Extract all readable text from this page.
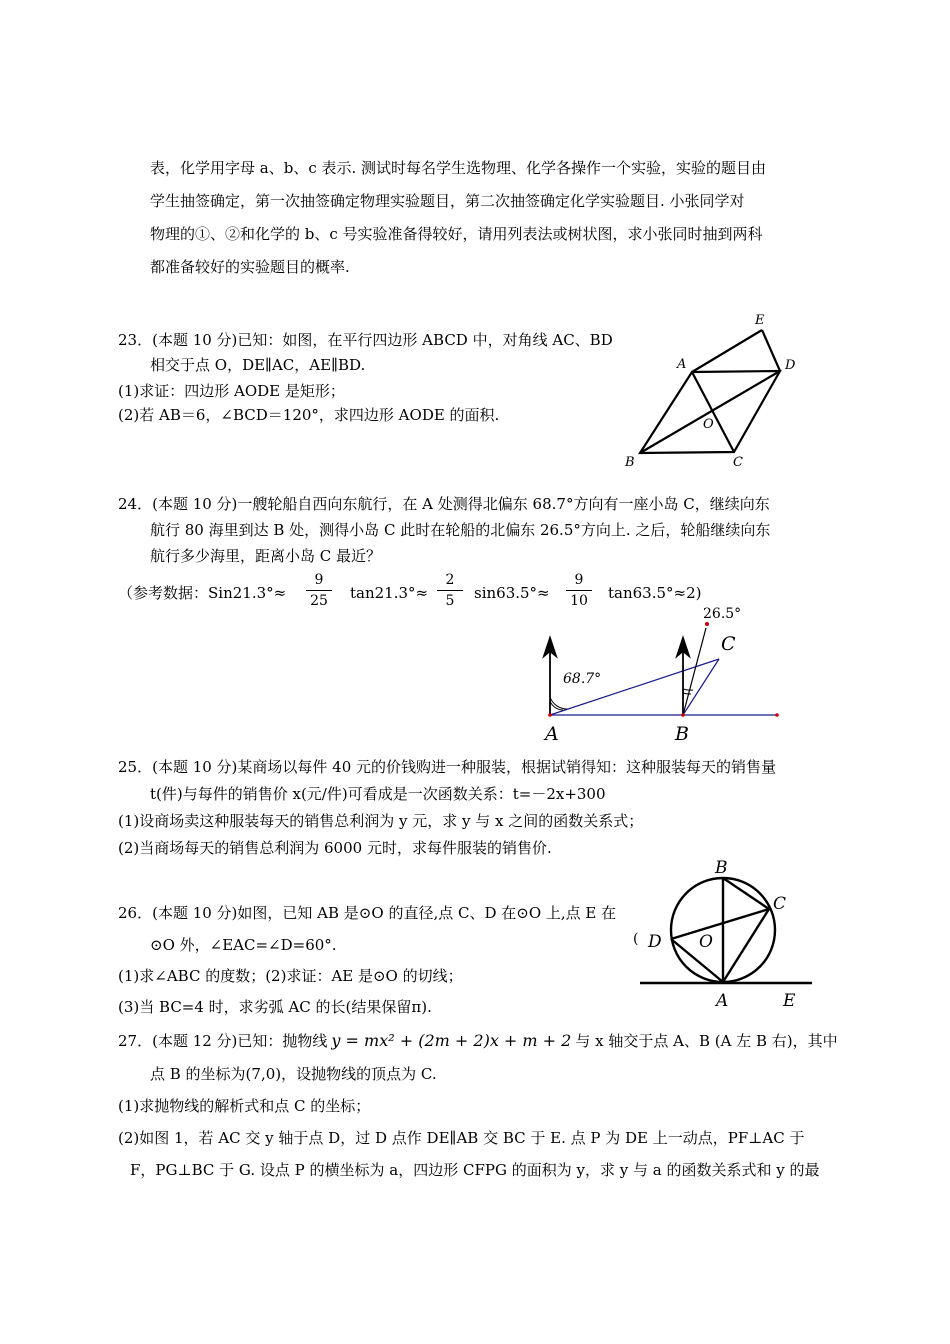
表，化学用字母 a、b、c 表示. 测试时每名学生选物理、化学各操作一个实验，实验的题目由
学生抽签确定，第一次抽签确定物理实验题目，第二次抽签确定化学实验题目. 小张同学对
物理的①、②和化学的 b、c 号实验准备得较好，请用列表法或树状图，求小张同时抽到两科
都准备较好的实验题目的概率.
23．(本题 10 分)已知：如图，在平行四边形 ABCD 中，对角线 AC、BD
相交于点 O，DE∥AC，AE∥BD.
(1)求证：四边形 AODE 是矩形；
(2)若 AB＝6，∠BCD＝120°，求四边形 AODE 的面积.
E
A	D
O
B	C
24．(本题 10 分)一艘轮船自西向东航行，在 A 处测得北偏东 68.7°方向有一座小岛 C，继续向东
航行 80 海里到达 B 处，测得小岛 C 此时在轮船的北偏东 26.5°方向上. 之后，轮船继续向东
航行多少海里，距离小岛 C 最近？
（参考数据：$Sin21.3^\circ\approx \frac{9}{25} \tan 21.3^\circ\approx \frac{2}{5} \sin 63.5^\circ\approx \frac{9}{10} \tan 63.5^\circ\approx 2$)
68.7°
26.5°
C
A	B
25．(本题 10 分)某商场以每件 40 元的价钱购进一种服装，根据试销得知：这种服装每天的销售量
t(件)与每件的销售价 x(元/件)可看成是一次函数关系：t=－2x+300
(1)设商场卖这种服装每天的销售总利润为 y 元，求 y 与 x 之间的函数关系式；
(2)当商场每天的销售总利润为 6000 元时，求每件服装的销售价.
26．(本题 10 分)如图，已知 AB 是⊙O 的直径,点 C、D 在⊙O 上,点 E 在
⊙O 外，∠EAC=∠D=60°.
(1)求∠ABC 的度数；(2)求证：AE 是⊙O 的切线；
(3)当 BC=4 时，求劣弧 AC 的长(结果保留π).
B
C
D O
A	E
(
27．(本题 12 分)已知：抛物线 y = mx² + (2m + 2)x + m + 2 与 x 轴交于点 A、B (A 左 B 右)，其中
点 B 的坐标为(7,0)，设抛物线的顶点为 C.
(1)求抛物线的解析式和点 C 的坐标；
(2)如图 1，若 AC 交 y 轴于点 D，过 D 点作 DE∥AB 交 BC 于 E. 点 P 为 DE 上一动点，PF⊥AC 于
F，PG⊥BC 于 G. 设点 P 的横坐标为 a，四边形 CFPG 的面积为 y，求 y 与 a 的函数关系式和 y 的最
